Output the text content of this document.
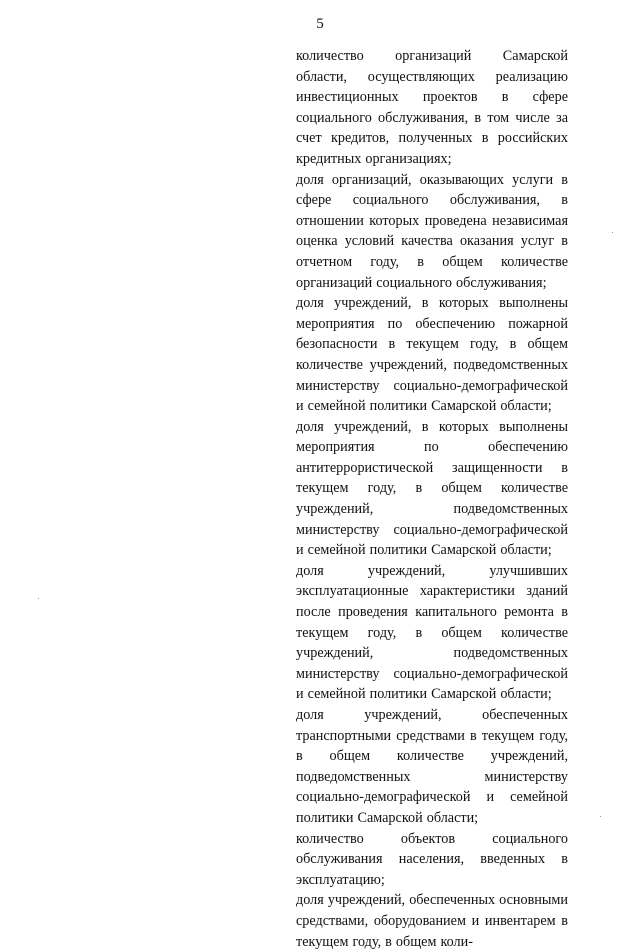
5

количество организаций Самарской области, осуществляющих реализацию инвестиционных проектов в сфере социального обслуживания, в том числе за счет кредитов, полученных в российских кредитных организациях;

доля организаций, оказывающих услуги в сфере социального обслуживания, в отношении которых проведена независимая оценка условий качества оказания услуг в отчетном году, в общем количестве организаций социального обслуживания;

доля учреждений, в которых выполнены мероприятия по обеспечению пожарной безопасности в текущем году, в общем количестве учреждений, подведомственных министерству социально-демографической и семейной политики Самарской области;

доля учреждений, в которых выполнены мероприятия по обеспечению антитеррористической защищенности в текущем году, в общем количестве учреждений, подведомственных министерству социально-демографической и семейной политики Самарской области;

доля учреждений, улучшивших эксплуатационные характеристики зданий после проведения капитального ремонта в текущем году, в общем количестве учреждений, подведомственных министерству социально-демографической и семейной политики Самарской области;

доля учреждений, обеспеченных транспортными средствами в текущем году, в общем количестве учреждений, подведомственных министерству социально-демографической и семейной политики Самарской области;

количество объектов социального обслуживания населения, введенных в эксплуатацию;

доля учреждений, обеспеченных основными средствами, оборудованием и инвентарем в текущем году, в общем коли-
